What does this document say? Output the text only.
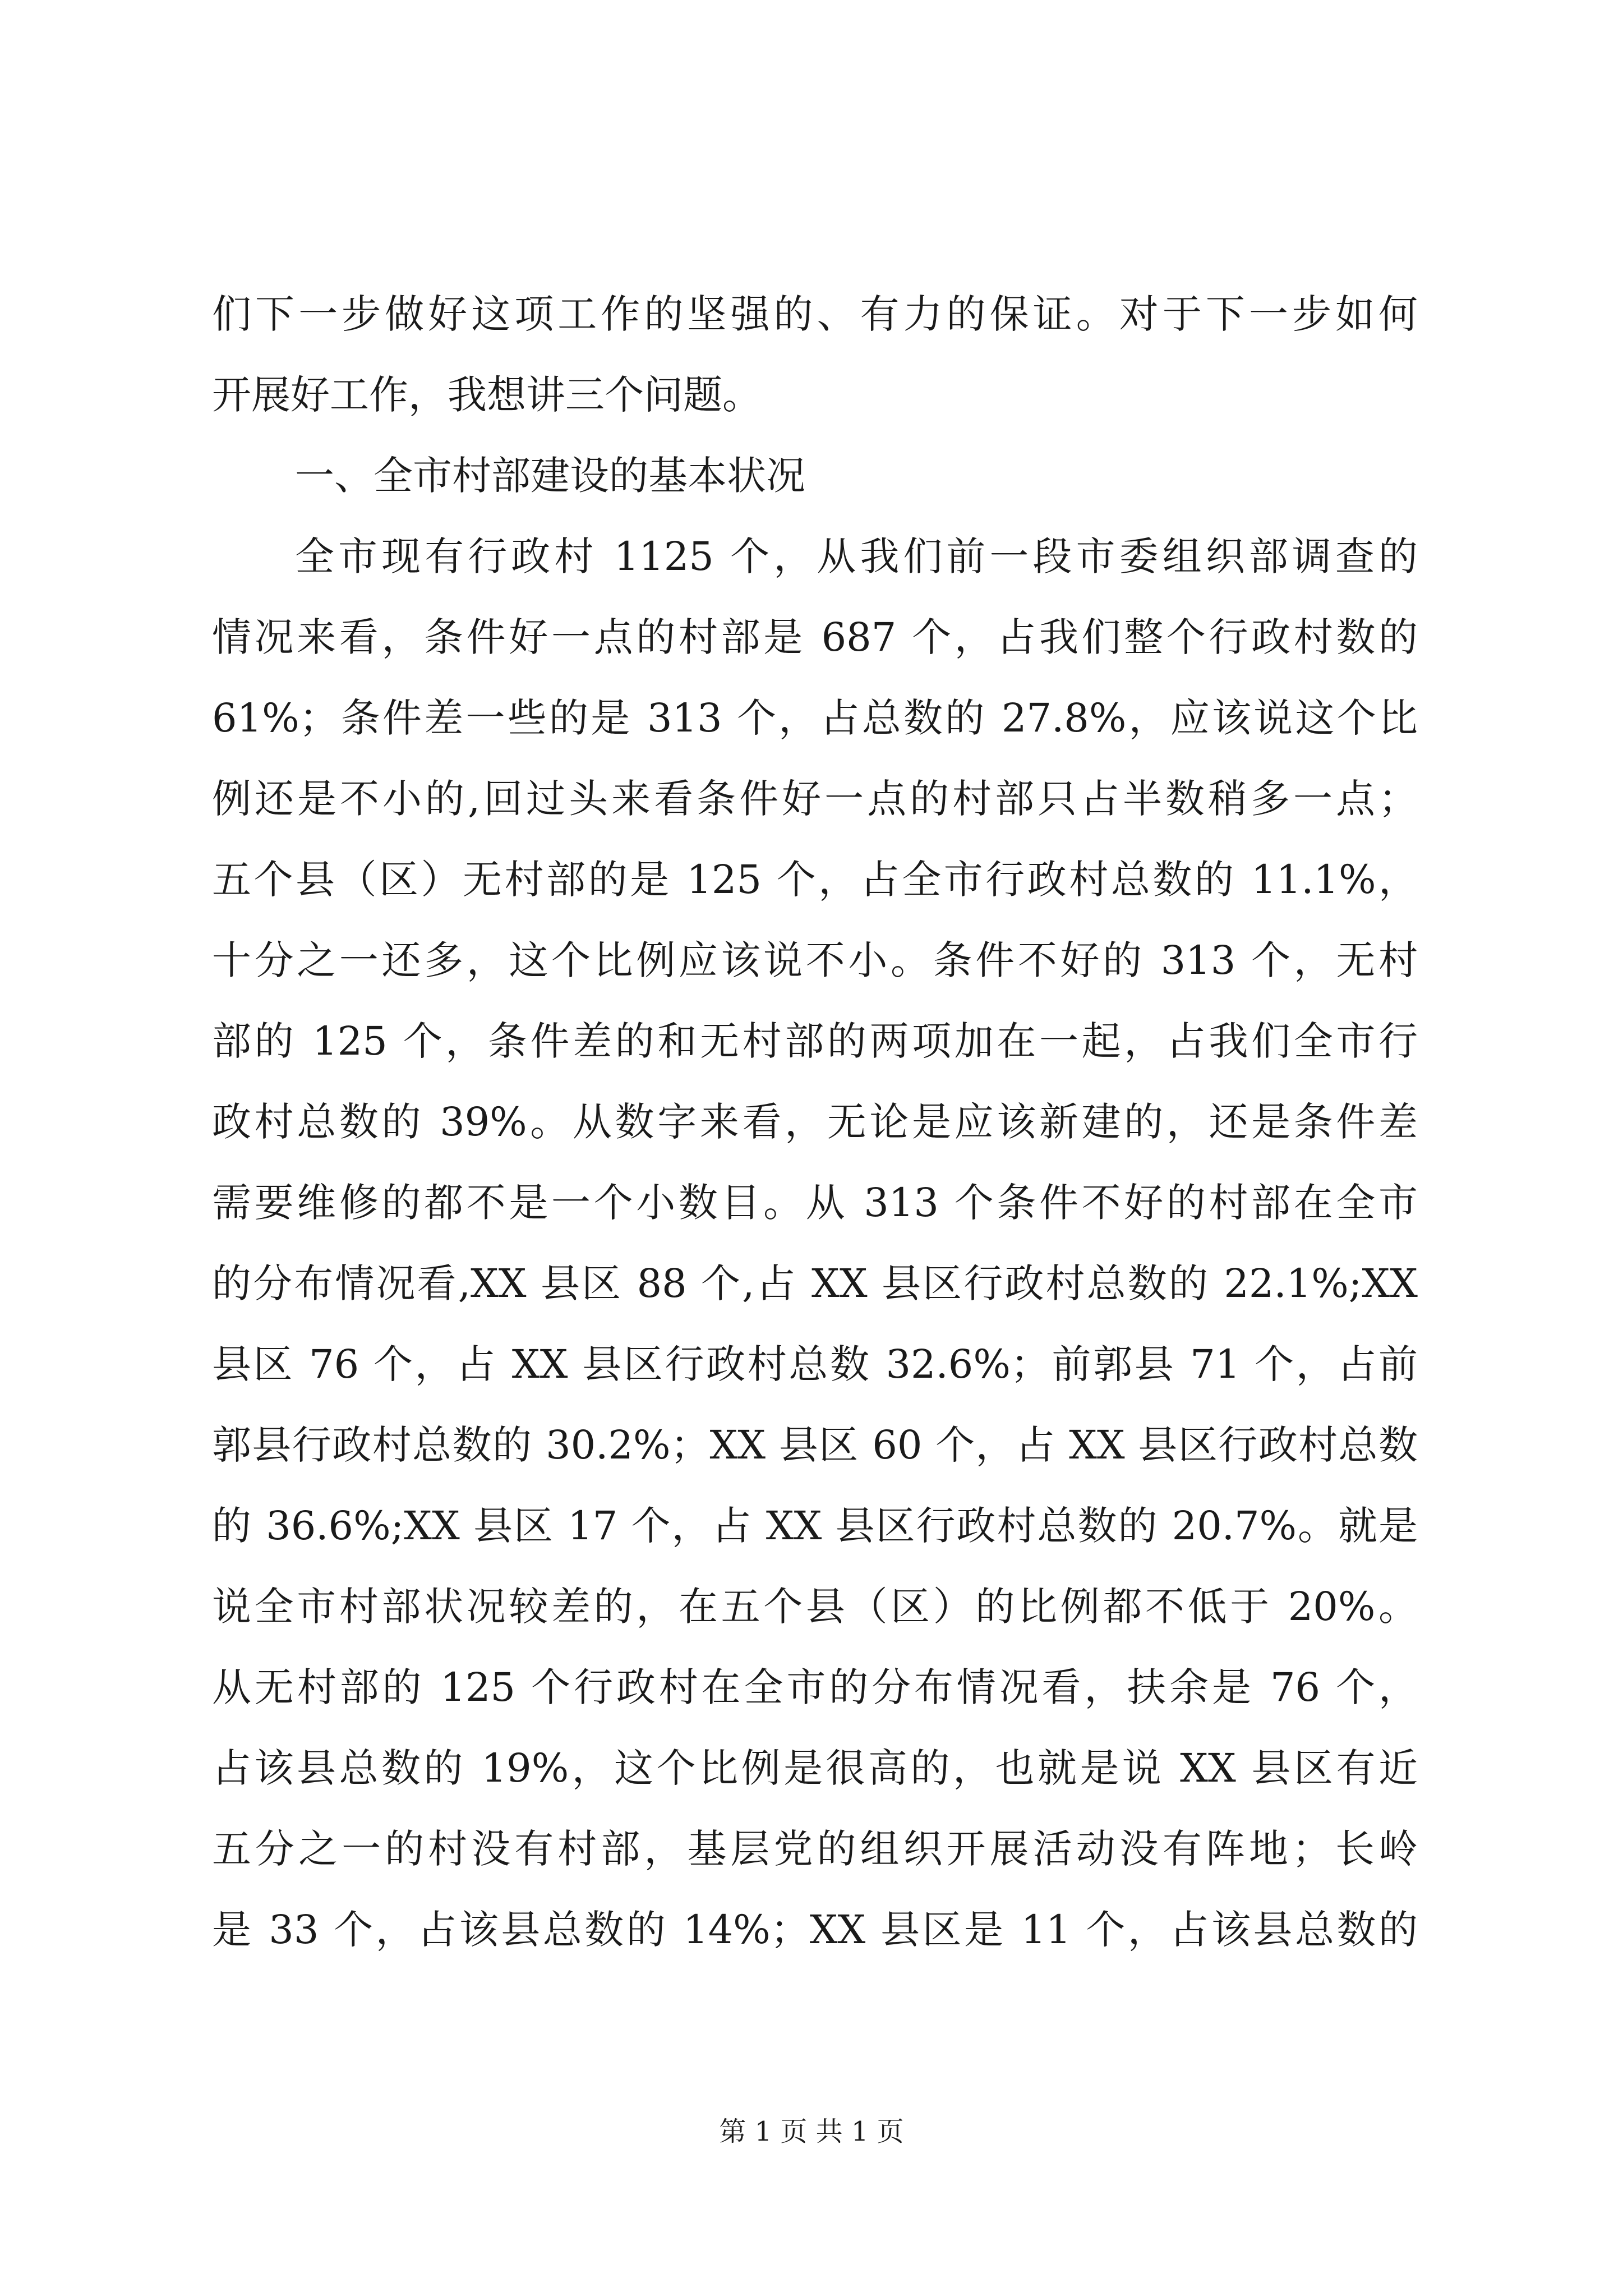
们下一步做好这项工作的坚强的、有力的保证。对于下一步如何
开展好工作，我想讲三个问题。
一、全市村部建设的基本状况
全市现有行政村 1125 个，从我们前一段市委组织部调查的
情况来看，条件好一点的村部是 687 个，占我们整个行政村数的
61%；条件差一些的是 313 个，占总数的 27.8%，应该说这个比
例还是不小的,回过头来看条件好一点的村部只占半数稍多一点；
五个县（区）无村部的是 125 个，占全市行政村总数的 11.1%，
十分之一还多，这个比例应该说不小。条件不好的 313 个，无村
部的 125 个，条件差的和无村部的两项加在一起，占我们全市行
政村总数的 39%。从数字来看，无论是应该新建的，还是条件差
需要维修的都不是一个小数目。从 313 个条件不好的村部在全市
的分布情况看,XX 县区 88 个,占 XX 县区行政村总数的 22.1%;XX
县区 76 个，占 XX 县区行政村总数 32.6%；前郭县 71 个，占前
郭县行政村总数的 30.2%；XX 县区 60 个，占 XX 县区行政村总数
的 36.6%;XX 县区 17 个，占 XX 县区行政村总数的 20.7%。就是
说全市村部状况较差的，在五个县（区）的比例都不低于 20%。
从无村部的 125 个行政村在全市的分布情况看，扶余是 76 个，
占该县总数的 19%，这个比例是很高的，也就是说 XX 县区有近
五分之一的村没有村部，基层党的组织开展活动没有阵地；长岭
是 33 个，占该县总数的 14%；XX 县区是 11 个，占该县总数的
第 1 页 共 1 页
